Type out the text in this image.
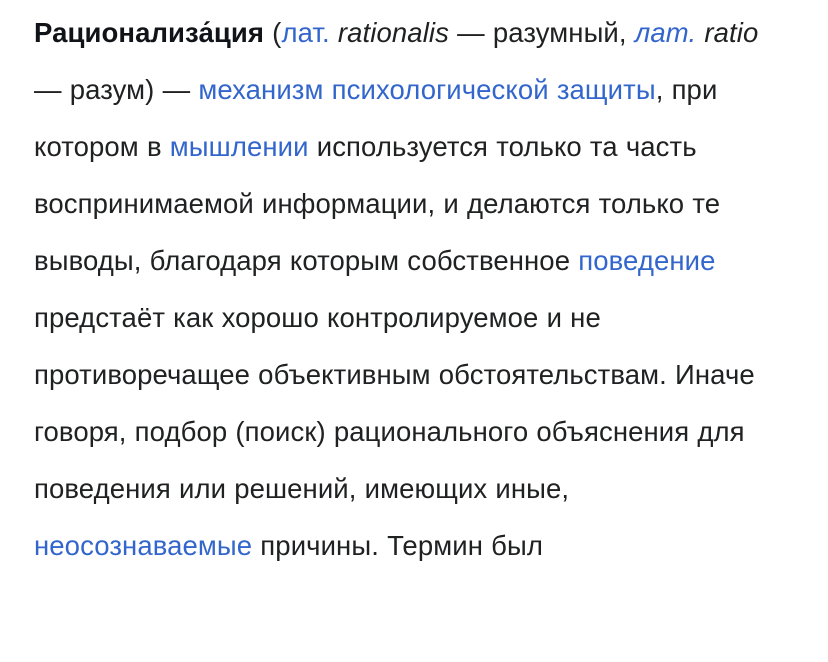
Рационализа́ция (лат. rationalis — разумный, лат. ratio — разум) — механизм психологической защиты, при котором в мышлении используется только та часть воспринимаемой информации, и делаются только те выводы, благодаря которым собственное поведение предстаёт как хорошо контролируемое и не противоречащее объективным обстоятельствам. Иначе говоря, подбор (поиск) рационального объяснения для поведения или решений, имеющих иные, неосознаваемые причины. Термин был
